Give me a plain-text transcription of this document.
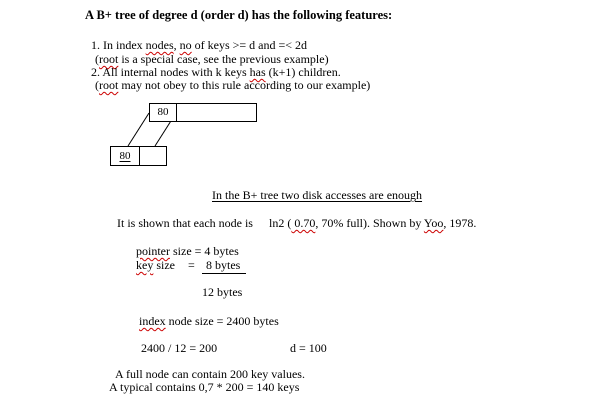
A B+ tree of degree d (order d) has the following features:
1. In index nodes, no of keys >= d and =< 2d
(root is a special case, see the previous example)
2. All internal nodes with k keys has (k+1) children.
(root may not obey to this rule according to our example)
80
80
In the B+ tree two disk accesses are enough
It is shown that each node is ln2 ( 0.70, 70% full). Shown by Yoo, 1978.
pointer size = 4 bytes
key size = 8 bytes
12 bytes
index node size = 2400 bytes
2400 / 12 = 200	d = 100
A full node can contain 200 key values.
A typical contains 0,7 * 200 = 140 keys
